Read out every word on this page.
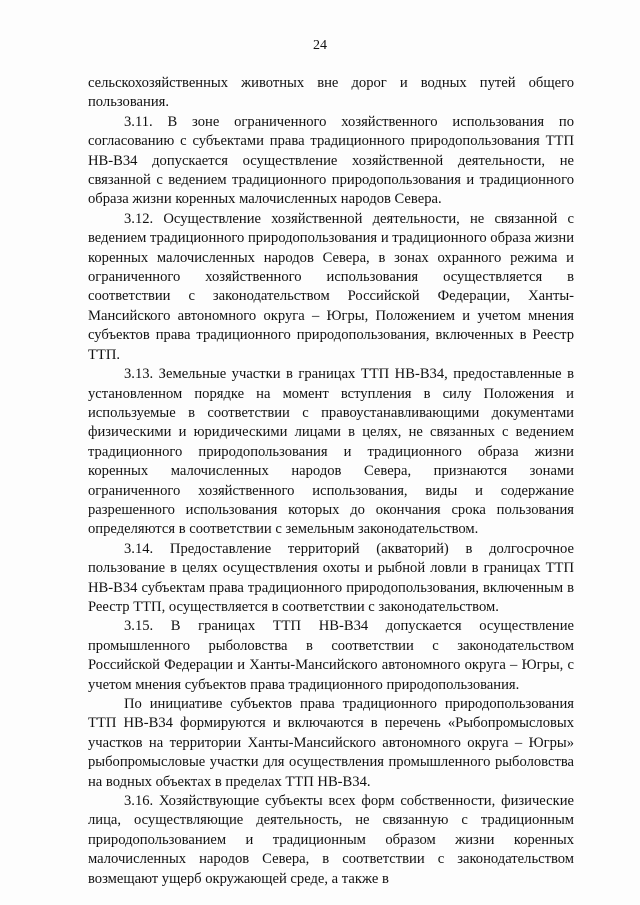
24

сельскохозяйственных животных вне дорог и водных путей общего пользования.

3.11. В зоне ограниченного хозяйственного использования по согласованию с субъектами права традиционного природопользования ТТП НВ-В34 допускается осуществление хозяйственной деятельности, не связанной с ведением традиционного природопользования и традиционного образа жизни коренных малочисленных народов Севера.

3.12. Осуществление хозяйственной деятельности, не связанной с ведением традиционного природопользования и традиционного образа жизни коренных малочисленных народов Севера, в зонах охранного режима и ограниченного хозяйственного использования осуществляется в соответствии с законодательством Российской Федерации, Ханты-Мансийского автономного округа – Югры, Положением и учетом мнения субъектов права традиционного природопользования, включенных в Реестр ТТП.

3.13. Земельные участки в границах ТТП НВ-В34, предоставленные в установленном порядке на момент вступления в силу Положения и используемые в соответствии с правоустанавливающими документами физическими и юридическими лицами в целях, не связанных с ведением традиционного природопользования и традиционного образа жизни коренных малочисленных народов Севера, признаются зонами ограниченного хозяйственного использования, виды и содержание разрешенного использования которых до окончания срока пользования определяются в соответствии с земельным законодательством.

3.14. Предоставление территорий (акваторий) в долгосрочное пользование в целях осуществления охоты и рыбной ловли в границах ТТП НВ-В34 субъектам права традиционного природопользования, включенным в Реестр ТТП, осуществляется в соответствии с законодательством.

3.15. В границах ТТП НВ-В34 допускается осуществление промышленного рыболовства в соответствии с законодательством Российской Федерации и Ханты-Мансийского автономного округа – Югры, с учетом мнения субъектов права традиционного природопользования.

По инициативе субъектов права традиционного природопользования ТТП НВ-В34 формируются и включаются в перечень «Рыбопромысловых участков на территории Ханты-Мансийского автономного округа – Югры» рыбопромысловые участки для осуществления промышленного рыболовства на водных объектах в пределах ТТП НВ-В34.

3.16. Хозяйствующие субъекты всех форм собственности, физические лица, осуществляющие деятельность, не связанную с традиционным природопользованием и традиционным образом жизни коренных малочисленных народов Севера, в соответствии с законодательством возмещают ущерб окружающей среде, а также в
